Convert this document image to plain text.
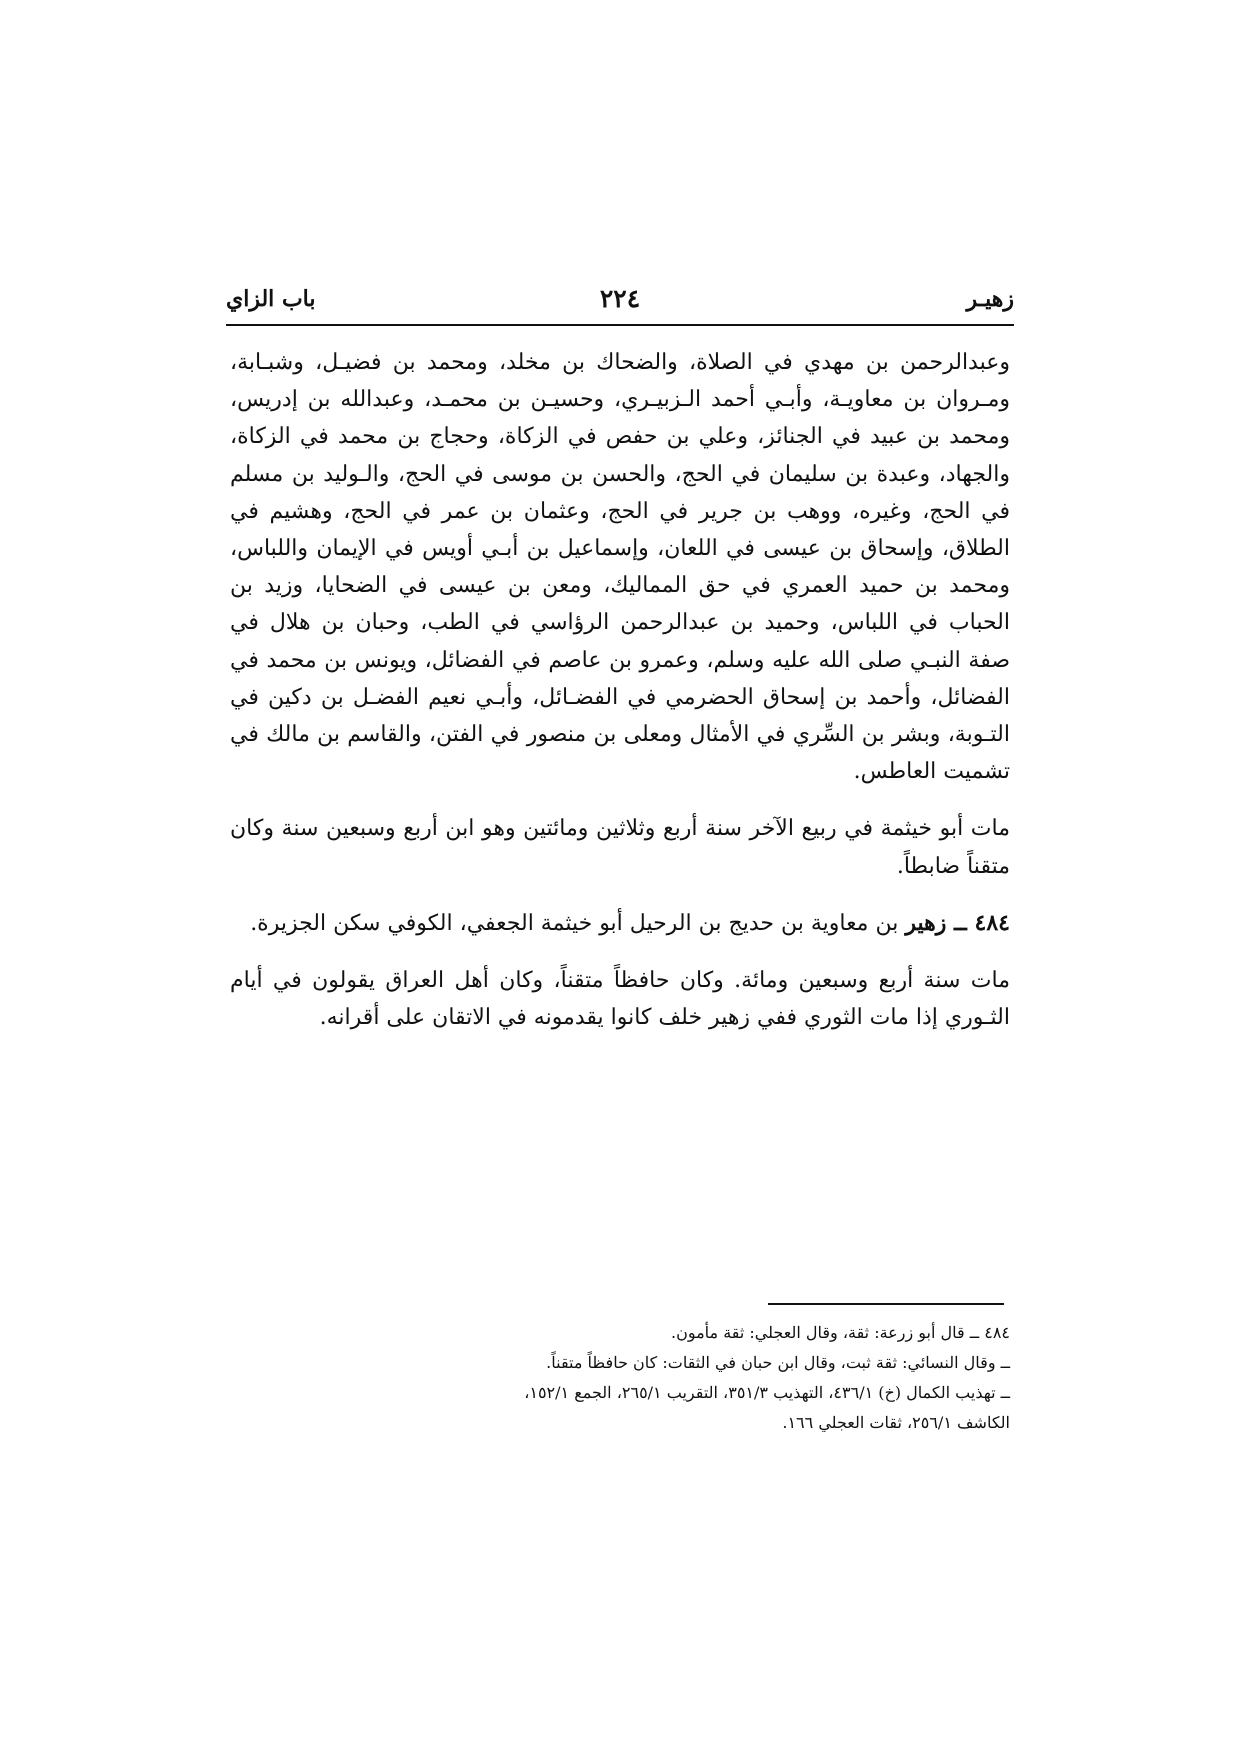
زهيـر
٢٢٤
باب الزاي

وعبدالرحمن بن مهدي في الصلاة، والضحاك بن مخلد، ومحمد بن فضيـل، وشبـابة، ومـروان بن معاويـة، وأبـي أحمد الـزبيـري، وحسيـن بن محمـد، وعبدالله بن إدريس، ومحمد بن عبيد في الجنائز، وعلي بن حفص في الزكاة، وحجاج بن محمد في الزكاة، والجهاد، وعبدة بن سليمان في الحج، والحسن بن موسى في الحج، والـوليد بن مسلم في الحج، وغيره، ووهب بن جرير في الحج، وعثمان بن عمر في الحج، وهشيم في الطلاق، وإسحاق بن عيسى في اللعان، وإسماعيل بن أبـي أويس في الإيمان واللباس، ومحمد بن حميد العمري في حق المماليك، ومعن بن عيسى في الضحايا، وزيد بن الحباب في اللباس، وحميد بن عبدالرحمن الرؤاسي في الطب، وحبان بن هلال في صفة النبـي صلى الله عليه وسلم، وعمرو بن عاصم في الفضائل، ويونس بن محمد في الفضائل، وأحمد بن إسحاق الحضرمي في الفضـائل، وأبـي نعيم الفضـل بن دكين في التـوبة، وبشر بن السِّري في الأمثال ومعلى بن منصور في الفتن، والقاسم بن مالك في تشميت العاطس.

مات أبو خيثمة في ربيع الآخر سنة أربع وثلاثين ومائتين وهو ابن أربع وسبعين سنة وكان متقناً ضابطاً.

٤٨٤ ــ زهير بن معاوية بن حديج بن الرحيل أبو خيثمة الجعفي، الكوفي سكن الجزيرة.

مات سنة أربع وسبعين ومائة. وكان حافظاً متقناً، وكان أهل العراق يقولون في أيام الثـوري إذا مات الثوري ففي زهير خلف كانوا يقدمونه في الاتقان على أقرانه.

٤٨٤ ــ قال أبو زرعة: ثقة، وقال العجلي: ثقة مأمون.

ــ وقال النسائي: ثقة ثبت، وقال ابن حبان في الثقات: كان حافظاً متقناً.

ــ تهذيب الكمال (خ) ٤٣٦/١، التهذيب ٣٥١/٣، التقريب ٢٦٥/١، الجمع ١٥٢/١،

الكاشف ٢٥٦/١، ثقات العجلي ١٦٦.
